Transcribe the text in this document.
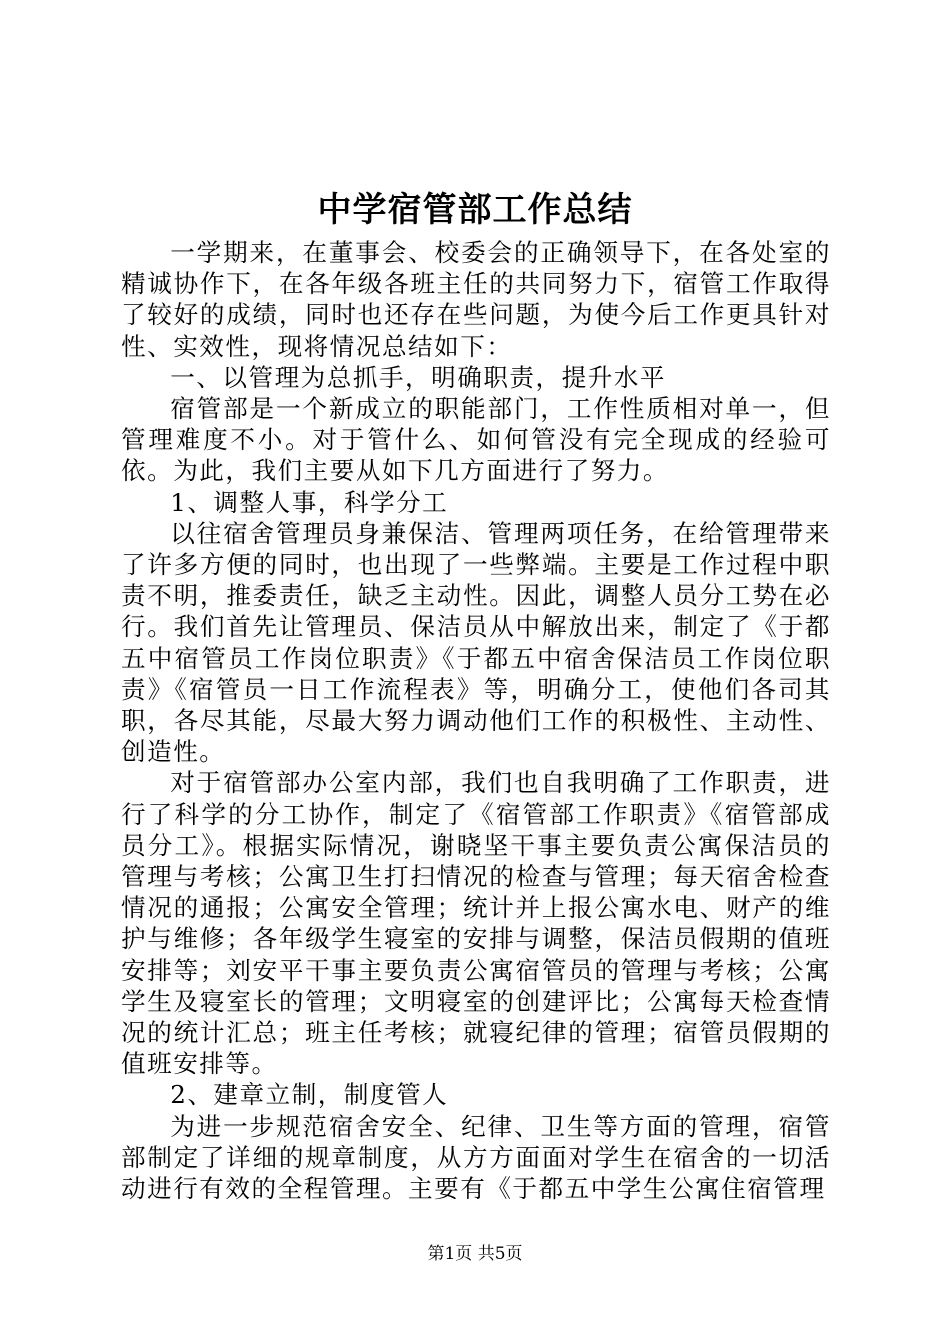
中学宿管部工作总结

一学期来，在董事会、校委会的正确领导下，在各处室的精诚协作下，在各年级各班主任的共同努力下，宿管工作取得了较好的成绩，同时也还存在些问题，为使今后工作更具针对性、实效性，现将情况总结如下：

一、以管理为总抓手，明确职责，提升水平

宿管部是一个新成立的职能部门，工作性质相对单一，但管理难度不小。对于管什么、如何管没有完全现成的经验可依。为此，我们主要从如下几方面进行了努力。

1、调整人事，科学分工

以往宿舍管理员身兼保洁、管理两项任务，在给管理带来了许多方便的同时，也出现了一些弊端。主要是工作过程中职责不明，推委责任，缺乏主动性。因此，调整人员分工势在必行。我们首先让管理员、保洁员从中解放出来，制定了《于都五中宿管员工作岗位职责》《于都五中宿舍保洁员工作岗位职责》《宿管员一日工作流程表》等，明确分工，使他们各司其职，各尽其能，尽最大努力调动他们工作的积极性、主动性、创造性。

对于宿管部办公室内部，我们也自我明确了工作职责，进行了科学的分工协作，制定了《宿管部工作职责》《宿管部成员分工》。根据实际情况，谢晓坚干事主要负责公寓保洁员的管理与考核；公寓卫生打扫情况的检查与管理；每天宿舍检查情况的通报；公寓安全管理；统计并上报公寓水电、财产的维护与维修；各年级学生寝室的安排与调整，保洁员假期的值班安排等；刘安平干事主要负责公寓宿管员的管理与考核；公寓学生及寝室长的管理；文明寝室的创建评比；公寓每天检查情况的统计汇总；班主任考核；就寝纪律的管理；宿管员假期的值班安排等。

2、建章立制，制度管人

为进一步规范宿舍安全、纪律、卫生等方面的管理，宿管部制定了详细的规章制度，从方方面面对学生在宿舍的一切活动进行有效的全程管理。主要有《于都五中学生公寓住宿管理

第1页 共5页
